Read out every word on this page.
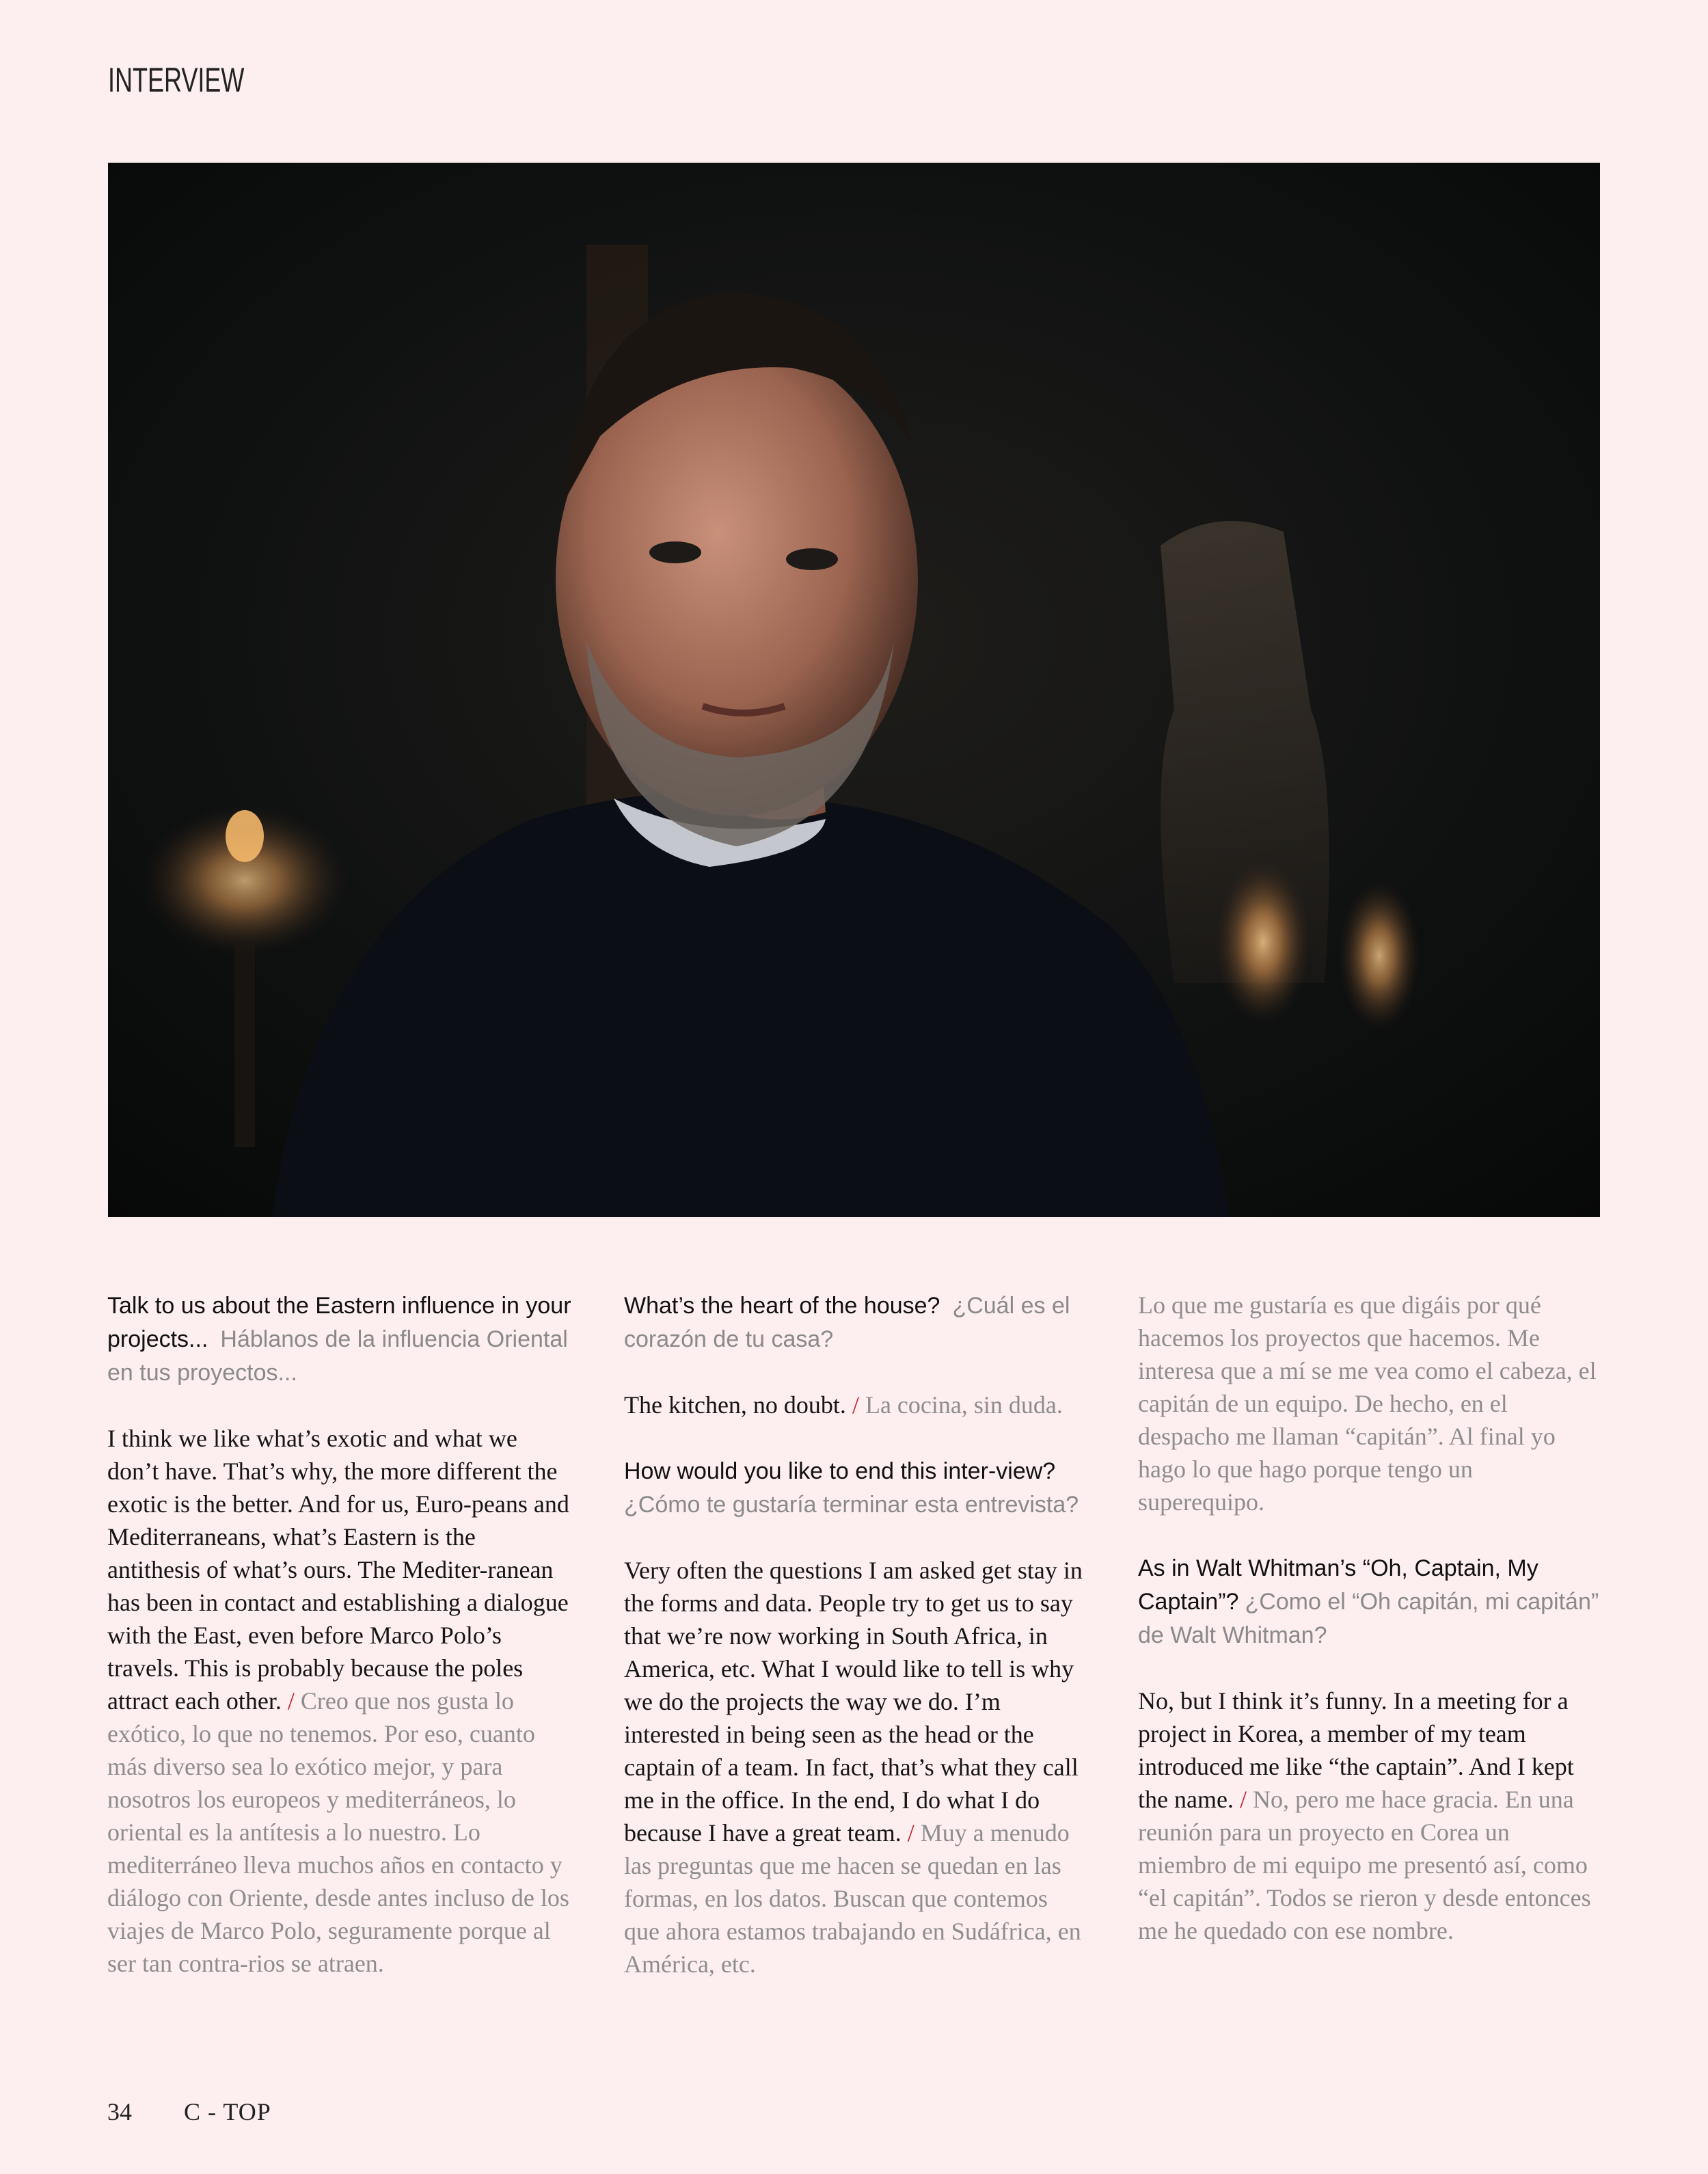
INTERVIEW

Talk to us about the Eastern influence in your projects... Háblanos de la influencia Oriental en tus proyectos...

I think we like what’s exotic and what we don’t have. That’s why, the more different the exotic is the better. And for us, Euro-peans and Mediterraneans, what’s Eastern is the antithesis of what’s ours. The Mediter-ranean has been in contact and establishing a dialogue with the East, even before Marco Polo’s travels. This is probably because the poles attract each other. / Creo que nos gusta lo exótico, lo que no tenemos. Por eso, cuanto más diverso sea lo exótico mejor, y para nosotros los europeos y mediterráneos, lo oriental es la antítesis a lo nuestro. Lo mediterráneo lleva muchos años en contacto y diálogo con Oriente, desde antes incluso de los viajes de Marco Polo, seguramente porque al ser tan contra-rios se atraen.

What’s the heart of the house? ¿Cuál es el corazón de tu casa?

The kitchen, no doubt. / La cocina, sin duda.

How would you like to end this inter-view? ¿Cómo te gustaría terminar esta entrevista?

Very often the questions I am asked get stay in the forms and data. People try to get us to say that we’re now working in South Africa, in America, etc. What I would like to tell is why we do the projects the way we do. I’m interested in being seen as the head or the captain of a team. In fact, that’s what they call me in the office. In the end, I do what I do because I have a great team. / Muy a menudo las preguntas que me hacen se quedan en las formas, en los datos. Buscan que contemos que ahora estamos trabajando en Sudáfrica, en América, etc.

Lo que me gustaría es que digáis por qué hacemos los proyectos que hacemos. Me interesa que a mí se me vea como el cabeza, el capitán de un equipo. De hecho, en el despacho me llaman “capitán”. Al final yo hago lo que hago porque tengo un superequipo.

As in Walt Whitman’s “Oh, Captain, My Captain”? ¿Como el “Oh capitán, mi capitán” de Walt Whitman?

No, but I think it’s funny. In a meeting for a project in Korea, a member of my team introduced me like “the captain”. And I kept the name. / No, pero me hace gracia. En una reunión para un proyecto en Corea un miembro de mi equipo me presentó así, como “el capitán”. Todos se rieron y desde entonces me he quedado con ese nombre.

34 C - TOP
